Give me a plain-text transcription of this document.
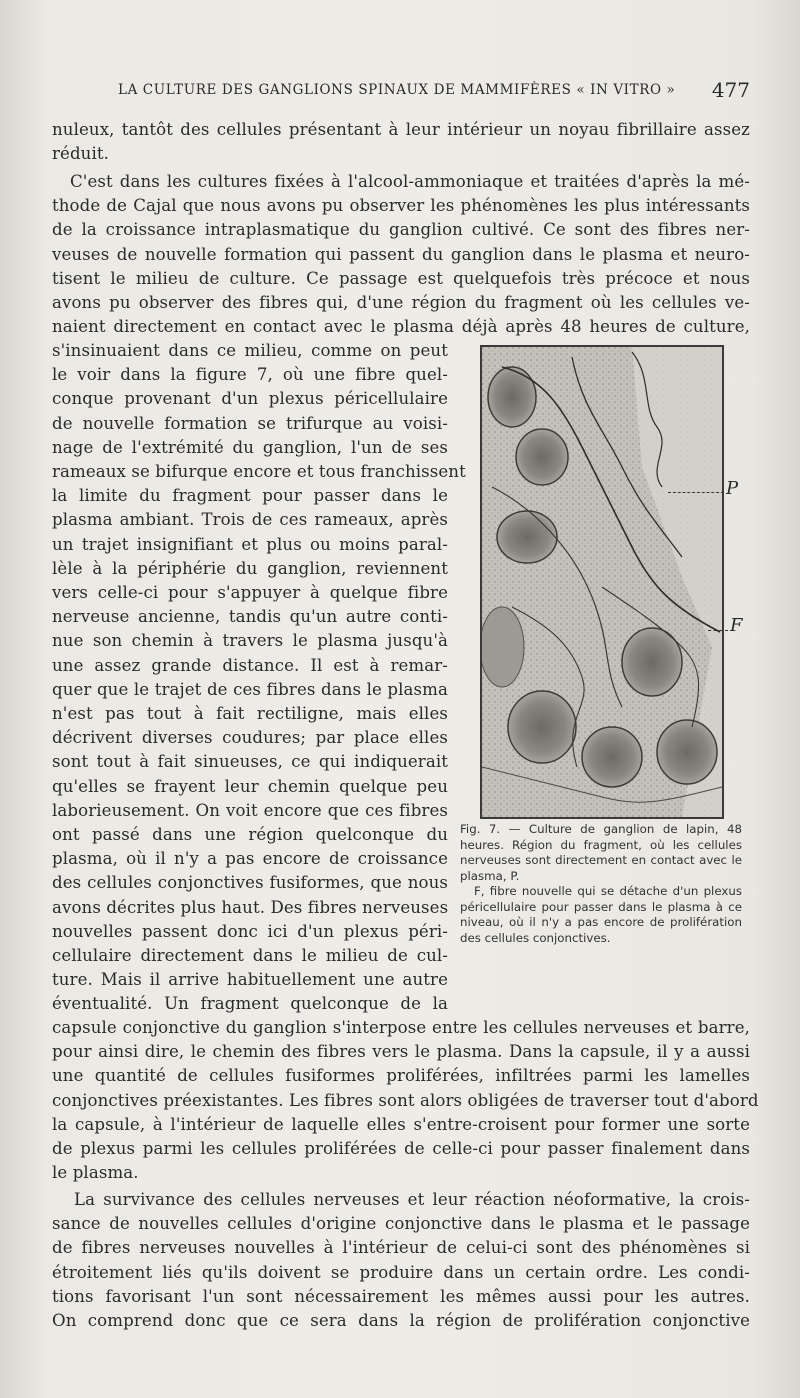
LA CULTURE DES GANGLIONS SPINAUX DE MAMMIFÈRES « IN VITRO » 477
nuleux, tantôt des cellules présentant à leur intérieur un noyau fibrillaire assez
réduit.
C'est dans les cultures fixées à l'alcool-ammoniaque et traitées d'après la mé-
thode de Cajal que nous avons pu observer les phénomènes les plus intéressants
de la croissance intraplasmatique du ganglion cultivé. Ce sont des fibres ner-
veuses de nouvelle formation qui passent du ganglion dans le plasma et neuro-
tisent le milieu de culture. Ce passage est quelquefois très précoce et nous
avons pu observer des fibres qui, d'une région du fragment où les cellules ve-
naient directement en contact avec le plasma déjà après 48 heures de culture,
s'insinuaient dans ce milieu, comme on peut
le voir dans la figure 7, où une fibre quel-
conque provenant d'un plexus péricellulaire
de nouvelle formation se trifurque au voisi-
nage de l'extrémité du ganglion, l'un de ses
rameaux se bifurque encore et tous franchissent
la limite du fragment pour passer dans le
plasma ambiant. Trois de ces rameaux, après
un trajet insignifiant et plus ou moins paral-
lèle à la périphérie du ganglion, reviennent
vers celle-ci pour s'appuyer à quelque fibre
nerveuse ancienne, tandis qu'un autre conti-
nue son chemin à travers le plasma jusqu'à
une assez grande distance. Il est à remar-
quer que le trajet de ces fibres dans le plasma
n'est pas tout à fait rectiligne, mais elles
décrivent diverses coudures; par place elles
sont tout à fait sinueuses, ce qui indiquerait
qu'elles se frayent leur chemin quelque peu
laborieusement. On voit encore que ces fibres
ont passé dans une région quelconque du
plasma, où il n'y a pas encore de croissance
des cellules conjonctives fusiformes, que nous
avons décrites plus haut. Des fibres nerveuses
nouvelles passent donc ici d'un plexus péri-
cellulaire directement dans le milieu de cul-
ture. Mais il arrive habituellement une autre
éventualité. Un fragment quelconque de la
capsule conjonctive du ganglion s'interpose entre les cellules nerveuses et barre,
pour ainsi dire, le chemin des fibres vers le plasma. Dans la capsule, il y a aussi
une quantité de cellules fusiformes proliférées, infiltrées parmi les lamelles
conjonctives préexistantes. Les fibres sont alors obligées de traverser tout d'abord
la capsule, à l'intérieur de laquelle elles s'entre-croisent pour former une sorte
de plexus parmi les cellules proliférées de celle-ci pour passer finalement dans
le plasma.
La survivance des cellules nerveuses et leur réaction néoformative, la crois-
sance de nouvelles cellules d'origine conjonctive dans le plasma et le passage
de fibres nerveuses nouvelles à l'intérieur de celui-ci sont des phénomènes si
étroitement liés qu'ils doivent se produire dans un certain ordre. Les condi-
tions favorisant l'un sont nécessairement les mêmes aussi pour les autres.
On comprend donc que ce sera dans la région de prolifération conjonctive
P
F

Fig. 7. — Culture de ganglion de lapin, 48 heures. Région du fragment, où les cellules nerveuses sont directement en contact avec le plasma, P.

F, fibre nouvelle qui se détache d'un plexus péricellulaire pour passer dans le plasma à ce niveau, où il n'y a pas encore de prolifération des cellules conjonctives.
